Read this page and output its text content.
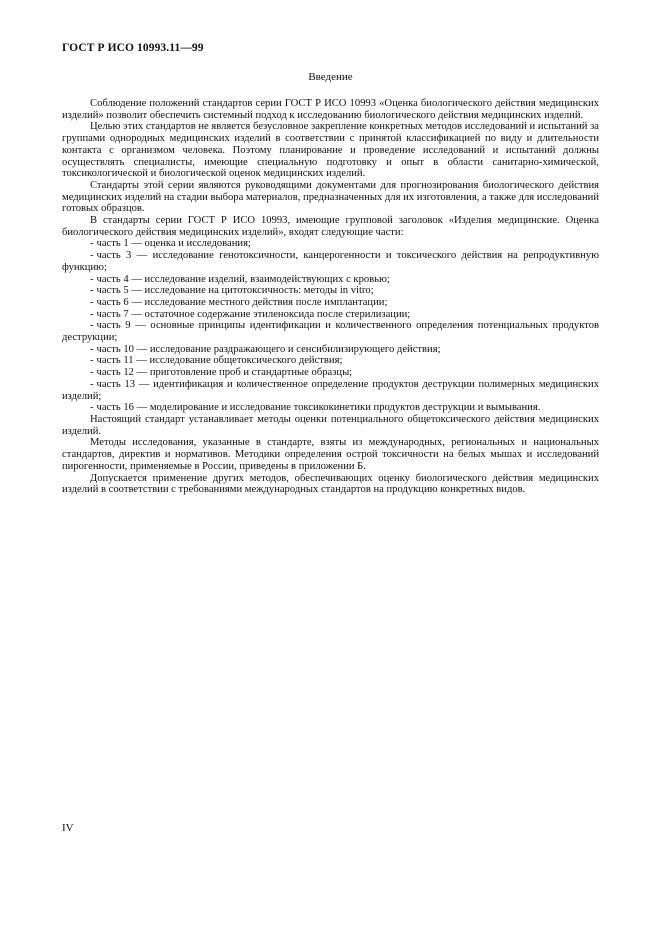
ГОСТ Р ИСО 10993.11—99
Введение

Соблюдение положений стандартов серии ГОСТ Р ИСО 10993 «Оценка биологического действия медицинских изделий» позволит обеспечить системный подход к исследованию биологического действия медицинских изделий.

Целью этих стандартов не является безусловное закрепление конкретных методов исследований и испытаний за группами однородных медицинских изделий в соответствии с принятой классификацией по виду и длительности контакта с организмом человека. Поэтому планирование и проведение исследований и испытаний должны осуществлять специалисты, имеющие специальную подготовку и опыт в области санитарно-химической, токсикологической и биологической оценок медицинских изделий.

Стандарты этой серии являются руководящими документами для прогнозирования биологического действия медицинских изделий на стадии выбора материалов, предназначенных для их изготовления, а также для исследований готовых образцов.

В стандарты серии ГОСТ Р ИСО 10993, имеющие групповой заголовок «Изделия медицинские. Оценка биологического действия медицинских изделий», входят следующие части:

- часть 1 — оценка и исследования;
- часть 3 — исследование генотоксичности, канцерогенности и токсического действия на репродуктивную функцию;
- часть 4 — исследование изделий, взаимодействующих с кровью;
- часть 5 — исследование на цитотоксичность: методы in vitro;
- часть 6 — исследование местного действия после имплантации;
- часть 7 — остаточное содержание этиленоксида после стерилизации;
- часть 9 — основные принципы идентификации и количественного определения потенциальных продуктов деструкции;
- часть 10 — исследование раздражающего и сенсибилизирующего действия;
- часть 11 — исследование общетоксического действия;
- часть 12 — приготовление проб и стандартные образцы;
- часть 13 — идентификация и количественное определение продуктов деструкции полимерных медицинских изделий;
- часть 16 — моделирование и исследование токсикокинетики продуктов деструкции и вымывания.

Настоящий стандарт устанавливает методы оценки потенциального общетоксического действия медицинских изделий.

Методы исследования, указанные в стандарте, взяты из международных, региональных и национальных стандартов, директив и нормативов. Методики определения острой токсичности на белых мышах и исследований пирогенности, применяемые в России, приведены в приложении Б.

Допускается применение других методов, обеспечивающих оценку биологического действия медицинских изделий в соответствии с требованиями международных стандартов на продукцию конкретных видов.

IV
